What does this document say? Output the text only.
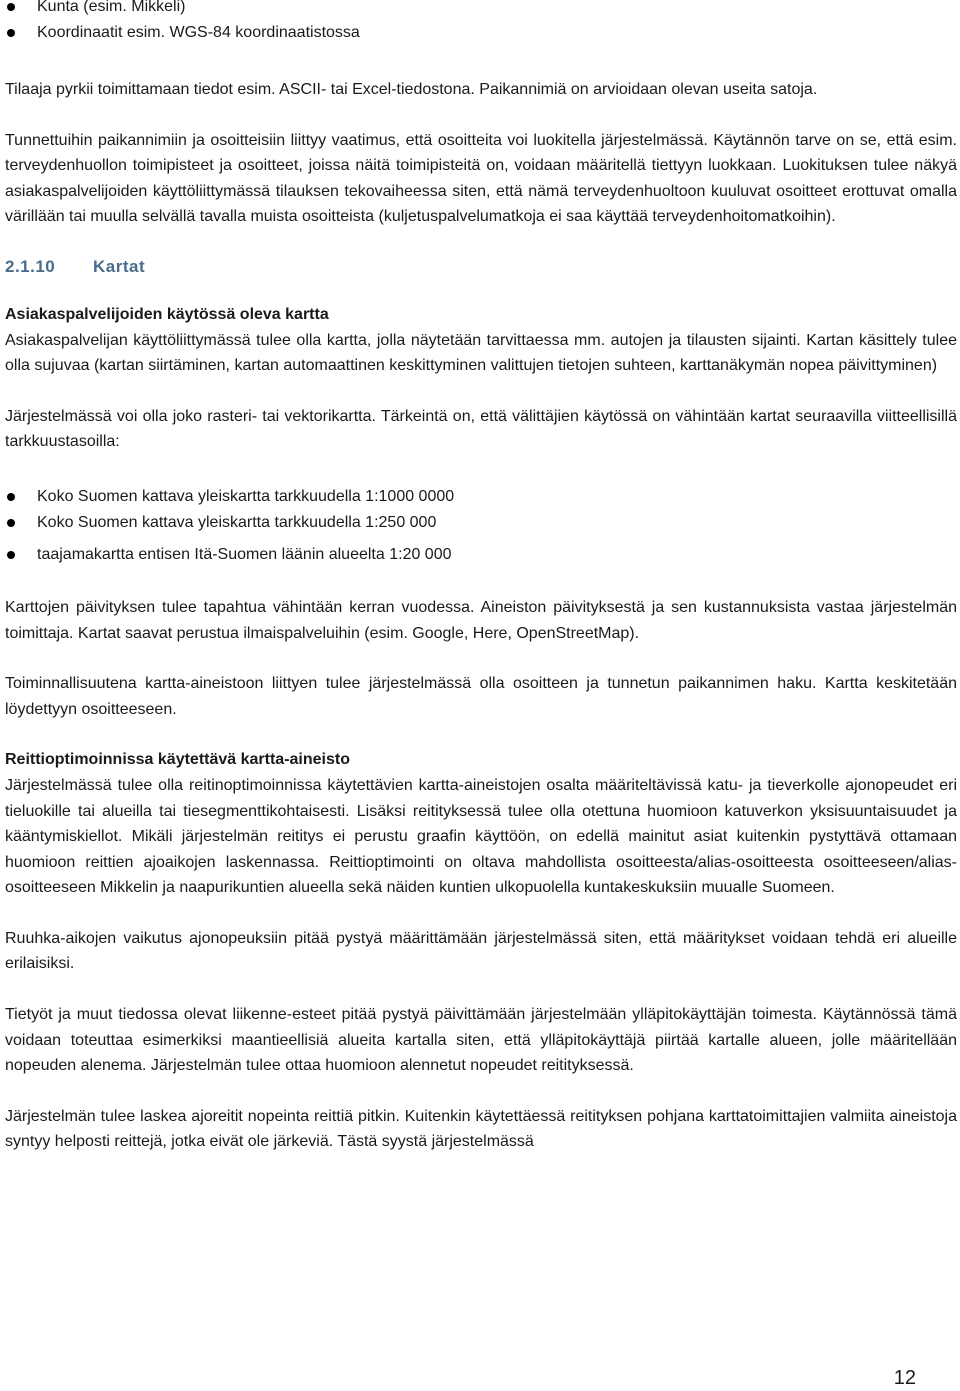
Kunta (esim. Mikkeli)
Koordinaatit esim. WGS-84 koordinaatistossa

Tilaaja pyrkii toimittamaan tiedot esim. ASCII- tai Excel-tiedostona. Paikannimiä on arvioidaan olevan useita satoja.

Tunnettuihin paikannimiin ja osoitteisiin liittyy vaatimus, että osoitteita voi luokitella järjestelmässä. Käytännön tarve on se, että esim. terveydenhuollon toimipisteet ja osoitteet, joissa näitä toimipisteitä on, voidaan määritellä tiettyyn luokkaan. Luokituksen tulee näkyä asiakaspalvelijoiden käyttöliittymässä tilauksen tekovaiheessa siten, että nämä terveydenhuoltoon kuuluvat osoitteet erottuvat omalla värillään tai muulla selvällä tavalla muista osoitteista (kuljetuspalvelumatkoja ei saa käyttää terveydenhoitomatkoihin).

2.1.10 Kartat
Asiakaspalvelijoiden käytössä oleva kartta

Asiakaspalvelijan käyttöliittymässä tulee olla kartta, jolla näytetään tarvittaessa mm. autojen ja tilausten sijainti. Kartan käsittely tulee olla sujuvaa (kartan siirtäminen, kartan automaattinen keskittyminen valittujen tietojen suhteen, karttanäkymän nopea päivittyminen)

Järjestelmässä voi olla joko rasteri- tai vektorikartta. Tärkeintä on, että välittäjien käytössä on vähintään kartat seuraavilla viitteellisillä tarkkuustasoilla:

Koko Suomen kattava yleiskartta tarkkuudella 1:1000 0000
Koko Suomen kattava yleiskartta tarkkuudella 1:250 000
taajamakartta entisen Itä-Suomen läänin alueelta 1:20 000

Karttojen päivityksen tulee tapahtua vähintään kerran vuodessa. Aineiston päivityksestä ja sen kustannuksista vastaa järjestelmän toimittaja. Kartat saavat perustua ilmaispalveluihin (esim. Google, Here, OpenStreetMap).

Toiminnallisuutena kartta-aineistoon liittyen tulee järjestelmässä olla osoitteen ja tunnetun paikannimen haku. Kartta keskitetään löydettyyn osoitteeseen.

Reittioptimoinnissa käytettävä kartta-aineisto

Järjestelmässä tulee olla reitinoptimoinnissa käytettävien kartta-aineistojen osalta määriteltävissä katu- ja tieverkolle ajonopeudet eri tieluokille tai alueilla tai tiesegmenttikohtaisesti. Lisäksi reitityksessä tulee olla otettuna huomioon katuverkon yksisuuntaisuudet ja kääntymiskiellot. Mikäli järjestelmän reititys ei perustu graafin käyttöön, on edellä mainitut asiat kuitenkin pystyttävä ottamaan huomioon reittien ajoaikojen laskennassa. Reittioptimointi on oltava mahdollista osoitteesta/alias-osoitteesta osoitteeseen/alias-osoitteeseen Mikkelin ja naapurikuntien alueella sekä näiden kuntien ulkopuolella kuntakeskuksiin muualle Suomeen.

Ruuhka-aikojen vaikutus ajonopeuksiin pitää pystyä määrittämään järjestelmässä siten, että määritykset voidaan tehdä eri alueille erilaisiksi.

Tietyöt ja muut tiedossa olevat liikenne-esteet pitää pystyä päivittämään järjestelmään ylläpitokäyttäjän toimesta. Käytännössä tämä voidaan toteuttaa esimerkiksi maantieellisiä alueita kartalla siten, että ylläpitokäyttäjä piirtää kartalle alueen, jolle määritellään nopeuden alenema. Järjestelmän tulee ottaa huomioon alennetut nopeudet reitityksessä.

Järjestelmän tulee laskea ajoreitit nopeinta reittiä pitkin. Kuitenkin käytettäessä reitityksen pohjana karttatoimittajien valmiita aineistoja syntyy helposti reittejä, jotka eivät ole järkeviä. Tästä syystä järjestelmässä

12
